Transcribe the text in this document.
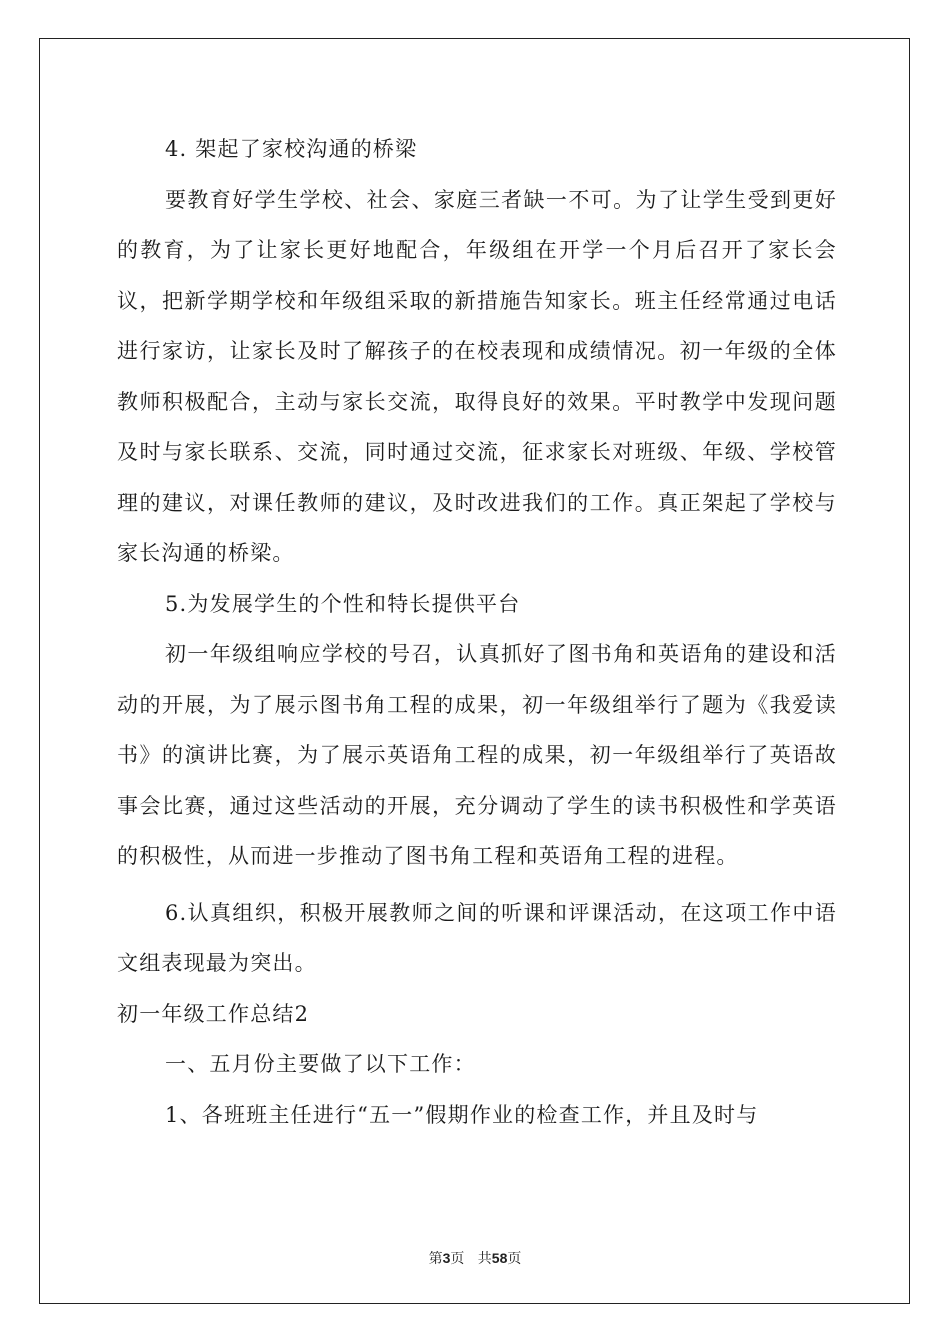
4. 架起了家校沟通的桥梁

要教育好学生学校、社会、家庭三者缺一不可。为了让学生受到更好的教育，为了让家长更好地配合，年级组在开学一个月后召开了家长会议，把新学期学校和年级组采取的新措施告知家长。班主任经常通过电话进行家访，让家长及时了解孩子的在校表现和成绩情况。初一年级的全体教师积极配合，主动与家长交流，取得良好的效果。平时教学中发现问题及时与家长联系、交流，同时通过交流，征求家长对班级、年级、学校管理的建议，对课任教师的建议，及时改进我们的工作。真正架起了学校与家长沟通的桥梁。

5.为发展学生的个性和特长提供平台

初一年级组响应学校的号召，认真抓好了图书角和英语角的建设和活动的开展，为了展示图书角工程的成果，初一年级组举行了题为《我爱读书》的演讲比赛，为了展示英语角工程的成果，初一年级组举行了英语故事会比赛，通过这些活动的开展，充分调动了学生的读书积极性和学英语的积极性，从而进一步推动了图书角工程和英语角工程的进程。

6.认真组织，积极开展教师之间的听课和评课活动，在这项工作中语文组表现最为突出。

初一年级工作总结2

一、五月份主要做了以下工作：

1、各班班主任进行“五一”假期作业的检查工作，并且及时与

第3页 共58页
